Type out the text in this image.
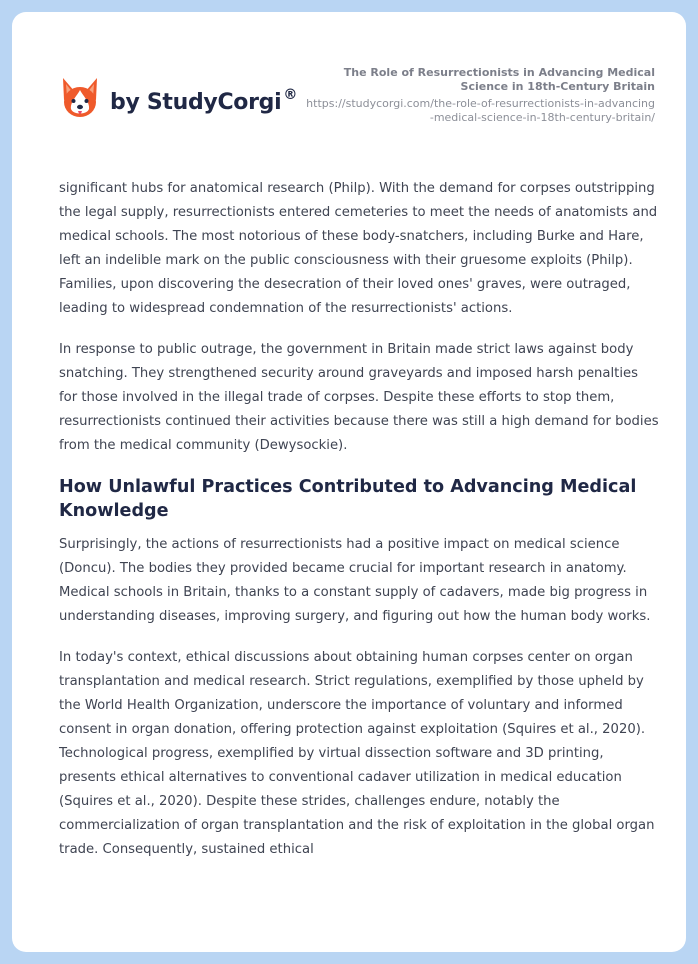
by StudyCorgi ®
The Role of Resurrectionists in Advancing Medical Science in 18th-Century Britain
https://studycorgi.com/the-role-of-resurrectionists-in-advancing-medical-science-in-18th-century-britain/

significant hubs for anatomical research (Philp). With the demand for corpses outstripping the legal supply, resurrectionists entered cemeteries to meet the needs of anatomists and medical schools. The most notorious of these body-snatchers, including Burke and Hare, left an indelible mark on the public consciousness with their gruesome exploits (Philp). Families, upon discovering the desecration of their loved ones' graves, were outraged, leading to widespread condemnation of the resurrectionists' actions.

In response to public outrage, the government in Britain made strict laws against body snatching. They strengthened security around graveyards and imposed harsh penalties for those involved in the illegal trade of corpses. Despite these efforts to stop them, resurrectionists continued their activities because there was still a high demand for bodies from the medical community (Dewysockie).

How Unlawful Practices Contributed to Advancing Medical Knowledge

Surprisingly, the actions of resurrectionists had a positive impact on medical science (Doncu). The bodies they provided became crucial for important research in anatomy. Medical schools in Britain, thanks to a constant supply of cadavers, made big progress in understanding diseases, improving surgery, and figuring out how the human body works.

In today's context, ethical discussions about obtaining human corpses center on organ transplantation and medical research. Strict regulations, exemplified by those upheld by the World Health Organization, underscore the importance of voluntary and informed consent in organ donation, offering protection against exploitation (Squires et al., 2020). Technological progress, exemplified by virtual dissection software and 3D printing, presents ethical alternatives to conventional cadaver utilization in medical education (Squires et al., 2020). Despite these strides, challenges endure, notably the commercialization of organ transplantation and the risk of exploitation in the global organ trade. Consequently, sustained ethical
